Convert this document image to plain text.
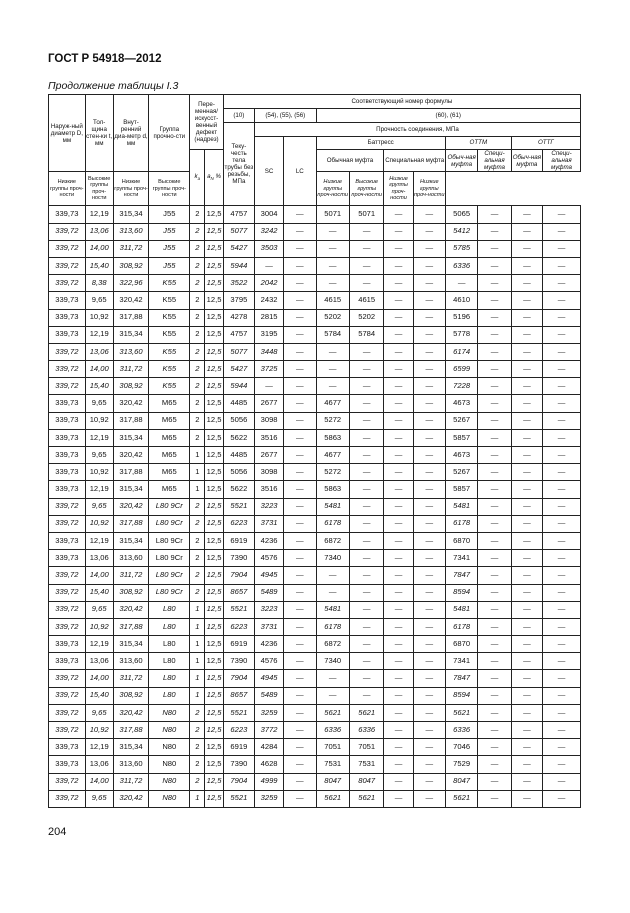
ГОСТ Р 54918—2012
Продолжение таблицы I.3
Наруж-ный диаметр D, мм	Тол-щина стен-ки t, мм	Внут-ренний диа-метр d, мм	Группа прочно-сти	Пере-менная/ искусст-венный дефект (надрез)		Соответствующий номер формулы										
						(10)	(54), (55), (56)		(60), (61)							
						Теку-честь тела трубы без резьбы, МПа	Прочность соединения, МПа									
							SC	LC	Баттресс				ОТТМ		ОТТГ	
				$k_a$	$a_N$ %				Обычная муфта		Специальная муфта		Обыч-ная муфта	Специ-альная муфта	Обыч-ная муфта	Специ-альная муфта
Низкие группы проч-ности	Высокие группы проч-ности	Низкие группы проч-ности	Высокие группы проч-ности						Низкие группы проч-ности	Высокие группы проч-ности	Низкие группы проч-ности	Низкие группы проч-ности				
339,73	12,19	315,34	J55	2	12,5	4757	3004	—	5071	5071	—	—	5065	—	—	—
339,72	13,06	313,60	J55	2	12,5	5077	3242	—	—	—	—	—	5412	—	—	—
339,72	14,00	311,72	J55	2	12,5	5427	3503	—	—	—	—	—	5785	—	—	—
339,72	15,40	308,92	J55	2	12,5	5944	—	—	—	—	—	—	6336	—	—	—
339,72	8,38	322,96	K55	2	12,5	3522	2042	—	—	—	—	—	—	—	—	—
339,73	9,65	320,42	K55	2	12,5	3795	2432	—	4615	4615	—	—	4610	—	—	—
339,73	10,92	317,88	K55	2	12,5	4278	2815	—	5202	5202	—	—	5196	—	—	—
339,73	12,19	315,34	K55	2	12,5	4757	3195	—	5784	5784	—	—	5778	—	—	—
339,72	13,06	313,60	K55	2	12,5	5077	3448	—	—	—	—	—	6174	—	—	—
339,72	14,00	311,72	K55	2	12,5	5427	3725	—	—	—	—	—	6599	—	—	—
339,72	15,40	308,92	K55	2	12,5	5944	—	—	—	—	—	—	7228	—	—	—
339,73	9,65	320,42	M65	2	12,5	4485	2677	—	4677	—	—	—	4673	—	—	—
339,73	10,92	317,88	M65	2	12,5	5056	3098	—	5272	—	—	—	5267	—	—	—
339,73	12,19	315,34	M65	2	12,5	5622	3516	—	5863	—	—	—	5857	—	—	—
339,73	9,65	320,42	M65	1	12,5	4485	2677	—	4677	—	—	—	4673	—	—	—
339,73	10,92	317,88	M65	1	12,5	5056	3098	—	5272	—	—	—	5267	—	—	—
339,73	12,19	315,34	M65	1	12,5	5622	3516	—	5863	—	—	—	5857	—	—	—
339,72	9,65	320,42	L80 9Cr	2	12,5	5521	3223	—	5481	—	—	—	5481	—	—	—
339,72	10,92	317,88	L80 9Cr	2	12,5	6223	3731	—	6178	—	—	—	6178	—	—	—
339,73	12,19	315,34	L80 9Cr	2	12,5	6919	4236	—	6872	—	—	—	6870	—	—	—
339,73	13,06	313,60	L80 9Cr	2	12,5	7390	4576	—	7340	—	—	—	7341	—	—	—
339,72	14,00	311,72	L80 9Cr	2	12,5	7904	4945	—	—	—	—	—	7847	—	—	—
339,72	15,40	308,92	L80 9Cr	2	12,5	8657	5489	—	—	—	—	—	8594	—	—	—
339,72	9,65	320,42	L80	1	12,5	5521	3223	—	5481	—	—	—	5481	—	—	—
339,72	10,92	317,88	L80	1	12,5	6223	3731	—	6178	—	—	—	6178	—	—	—
339,73	12,19	315,34	L80	1	12,5	6919	4236	—	6872	—	—	—	6870	—	—	—
339,73	13,06	313,60	L80	1	12,5	7390	4576	—	7340	—	—	—	7341	—	—	—
339,72	14,00	311,72	L80	1	12,5	7904	4945	—	—	—	—	—	7847	—	—	—
339,72	15,40	308,92	L80	1	12,5	8657	5489	—	—	—	—	—	8594	—	—	—
339,72	9,65	320,42	N80	2	12,5	5521	3259	—	5621	5621	—	—	5621	—	—	—
339,72	10,92	317,88	N80	2	12,5	6223	3772	—	6336	6336	—	—	6336	—	—	—
339,73	12,19	315,34	N80	2	12,5	6919	4284	—	7051	7051	—	—	7046	—	—	—
339,73	13,06	313,60	N80	2	12,5	7390	4628	—	7531	7531	—	—	7529	—	—	—
339,72	14,00	311,72	N80	2	12,5	7904	4999	—	8047	8047	—	—	8047	—	—	—
339,72	9,65	320,42	N80	1	12,5	5521	3259	—	5621	5621	—	—	5621	—	—	—
204
